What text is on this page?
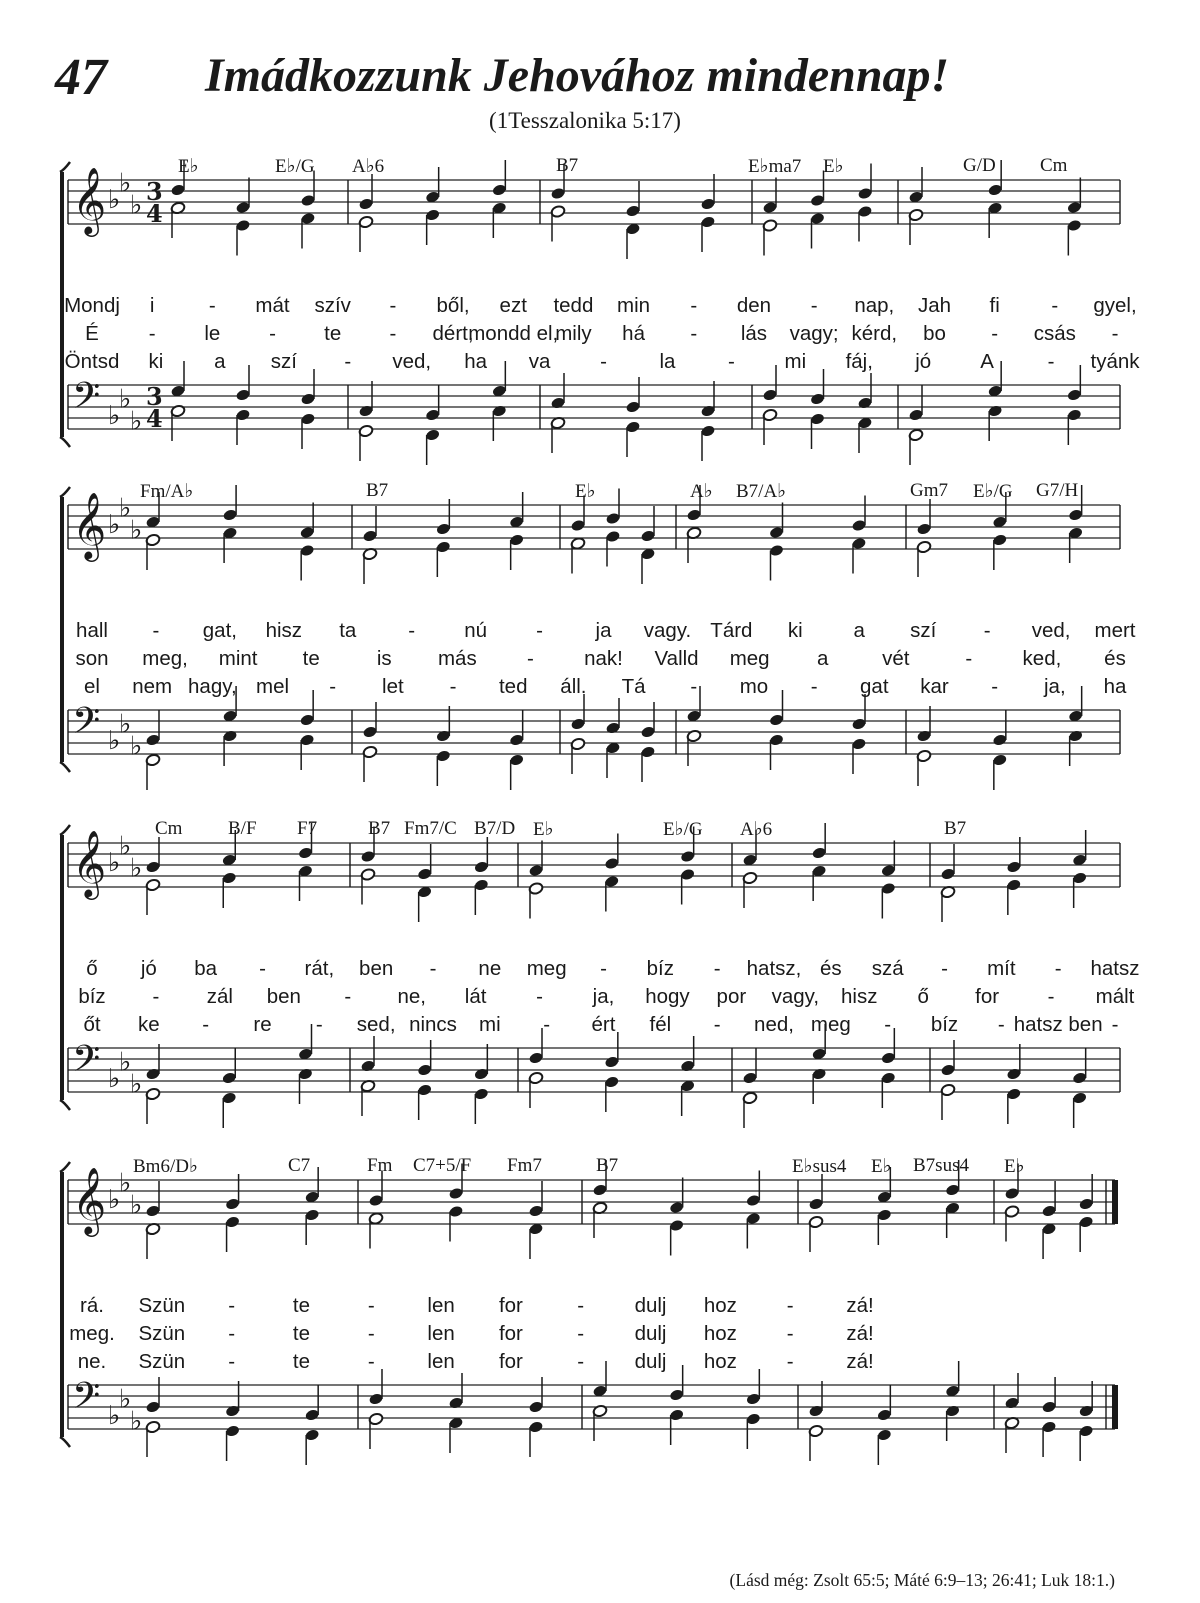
47 Imádkozzunk Jehovához mindennap!
(1Tesszalonika 5:17)
E♭	E♭/G A♭6	B7	E♭ma7 E♭	G/D Cm
𝄞
𝄢
♭
♭
♭
♭
♭
♭
3
4
3
4
Mondj i	- mát szív - ből, ezt tedd min - den - nap, Jah fi	- gyel,
É - le - te - dért,
mondd el,
mily há - lás vagy; kérd, bo - csás -
Öntsd ki a szí - ved, ha va -	la	- mi fáj, jó A	- tyánk
Fm/A♭	B7	E♭	A♭ B7/A♭	Gm7 E♭/G G7/H
𝄞
𝄢
♭
♭
♭
♭
♭
♭
hall - gat, hisz ta	- nú -	ja vagy. Tárd ki a szí - ved, mert
son meg, mint te	is más - nak! Valld meg a	vét	- ked, és
el nem hagy, mel - let - ted áll. Tá - mo - gat kar - ja, ha
Cm B/F F7	B7 Fm7/C B7/D E♭	E♭/G A♭6	B7
𝄞
𝄢
♭
♭
♭
♭
♭
♭
ő jó ba - rát, ben - ne meg - bíz - hatsz, és szá - mít - hatsz
bíz - zál ben - ne, lát - ja, hogy por vagy, hisz ő for - mált
őt ke - re - sed, nincs mi - ért fél - ned, meg - bíz - hatsz ben -
Bm6/D♭	C7	Fm C7+5/F Fm7	B7	E♭sus4 E♭ B7sus4 E♭
𝄞
𝄢
♭
♭
♭
♭
♭
♭
rá. Szün -	te	-	len for	- dulj hoz -	zá!
meg. Szün -	te	-	len for	- dulj hoz -	zá!
ne. Szün -	te	-	len for	- dulj hoz -	zá!
(Lásd még: Zsolt 65:5; Máté 6:9–13; 26:41; Luk 18:1.)
